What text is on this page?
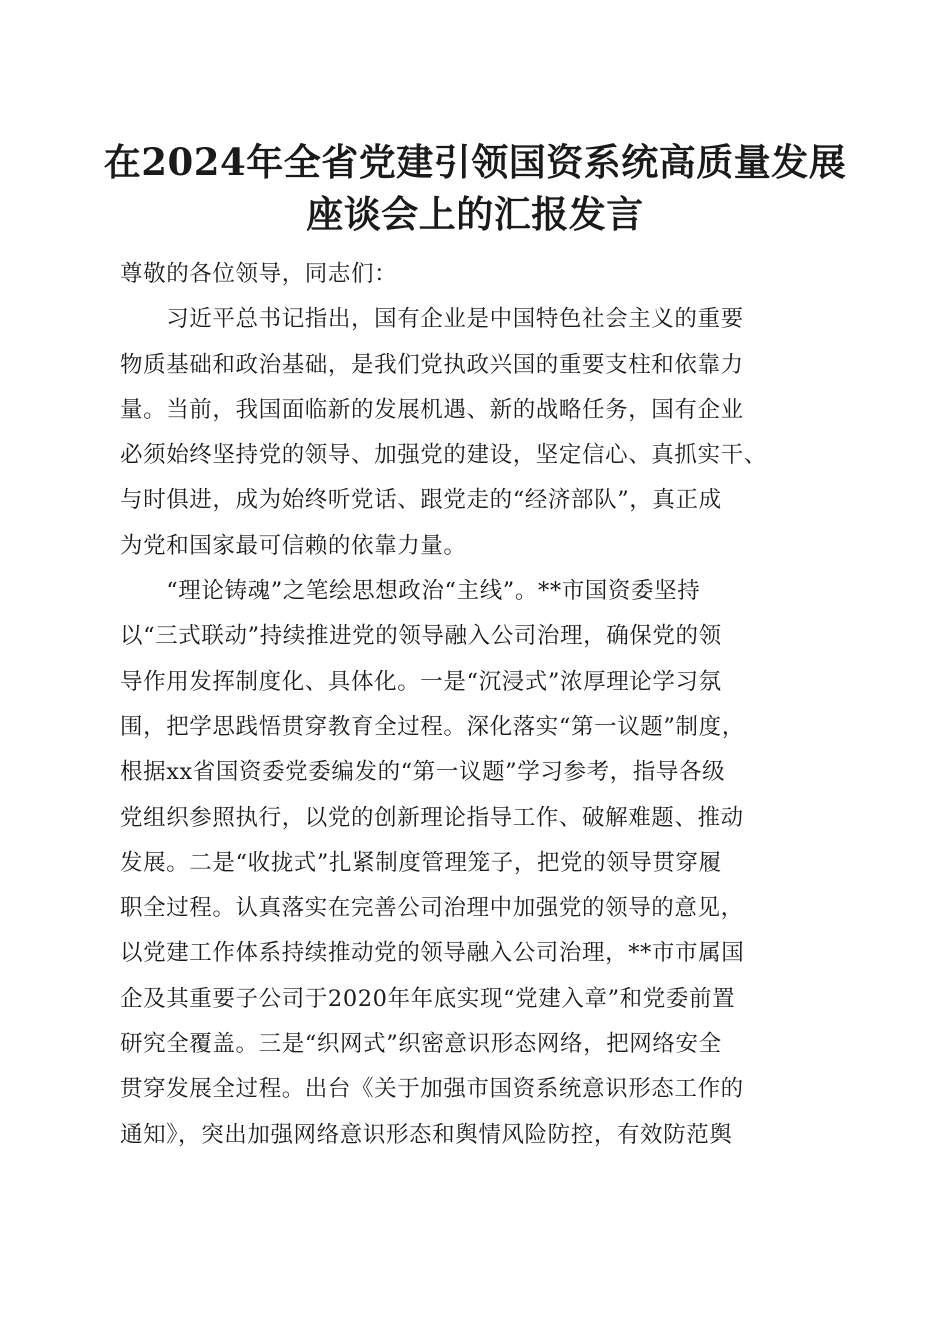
在2024年全省党建引领国资系统高质量发展
座谈会上的汇报发言
尊敬的各位领导，同志们：
　　习近平总书记指出，国有企业是中国特色社会主义的重要
物质基础和政治基础，是我们党执政兴国的重要支柱和依靠力
量。当前，我国面临新的发展机遇、新的战略任务，国有企业
必须始终坚持党的领导、加强党的建设，坚定信心、真抓实干、
与时俱进，成为始终听党话、跟党走的“经济部队”，真正成
为党和国家最可信赖的依靠力量。
　　“理论铸魂”之笔绘思想政治“主线”。**市国资委坚持
以“三式联动”持续推进党的领导融入公司治理，确保党的领
导作用发挥制度化、具体化。一是“沉浸式”浓厚理论学习氛
围，把学思践悟贯穿教育全过程。深化落实“第一议题”制度，
根据xx省国资委党委编发的“第一议题”学习参考，指导各级
党组织参照执行，以党的创新理论指导工作、破解难题、推动
发展。二是“收拢式”扎紧制度管理笼子，把党的领导贯穿履
职全过程。认真落实在完善公司治理中加强党的领导的意见，
以党建工作体系持续推动党的领导融入公司治理，**市市属国
企及其重要子公司于2020年年底实现“党建入章”和党委前置
研究全覆盖。三是“织网式”织密意识形态网络，把网络安全
贯穿发展全过程。出台《关于加强市国资系统意识形态工作的
通知》，突出加强网络意识形态和舆情风险防控，有效防范舆
